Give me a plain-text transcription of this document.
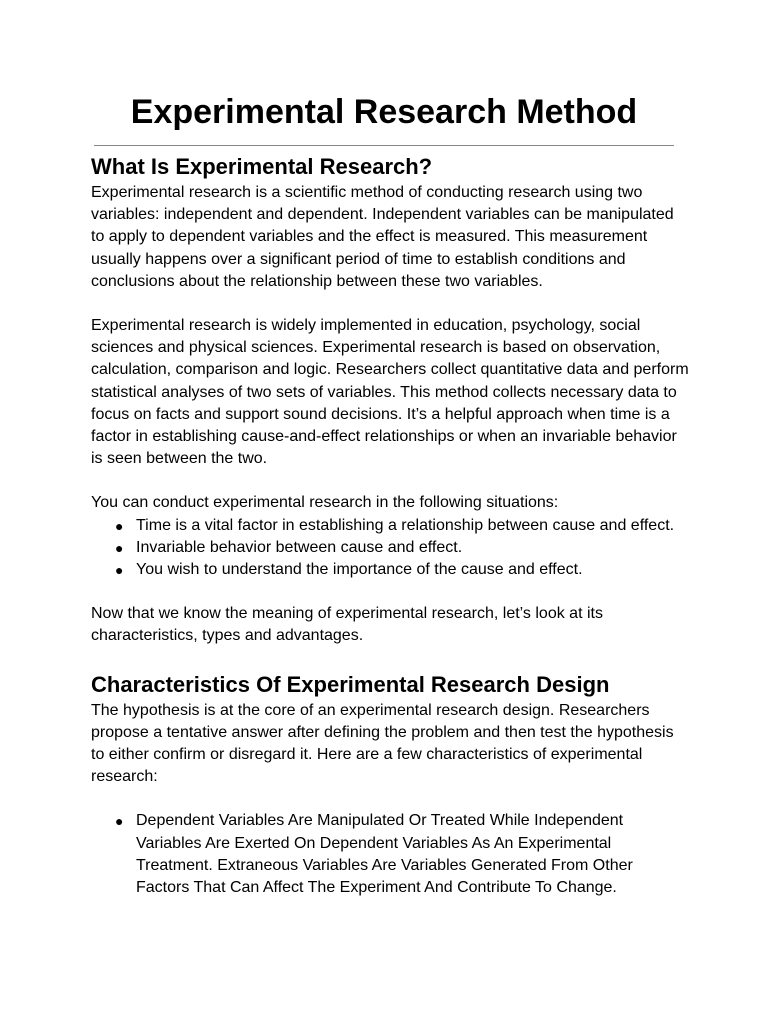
Experimental Research Method
What Is Experimental Research?

Experimental research is a scientific method of conducting research using two variables: independent and dependent. Independent variables can be manipulated to apply to dependent variables and the effect is measured. This measurement usually happens over a significant period of time to establish conditions and conclusions about the relationship between these two variables.

Experimental research is widely implemented in education, psychology, social sciences and physical sciences. Experimental research is based on observation, calculation, comparison and logic. Researchers collect quantitative data and perform statistical analyses of two sets of variables. This method collects necessary data to focus on facts and support sound decisions. It’s a helpful approach when time is a factor in establishing cause-and-effect relationships or when an invariable behavior is seen between the two.

You can conduct experimental research in the following situations:

● Time is a vital factor in establishing a relationship between cause and effect.
● Invariable behavior between cause and effect.
● You wish to understand the importance of the cause and effect.

Now that we know the meaning of experimental research, let’s look at its characteristics, types and advantages.

Characteristics Of Experimental Research Design

The hypothesis is at the core of an experimental research design. Researchers propose a tentative answer after defining the problem and then test the hypothesis to either confirm or disregard it. Here are a few characteristics of experimental research:

● Dependent Variables Are Manipulated Or Treated While Independent Variables Are Exerted On Dependent Variables As An Experimental Treatment. Extraneous Variables Are Variables Generated From Other Factors That Can Affect The Experiment And Contribute To Change.
